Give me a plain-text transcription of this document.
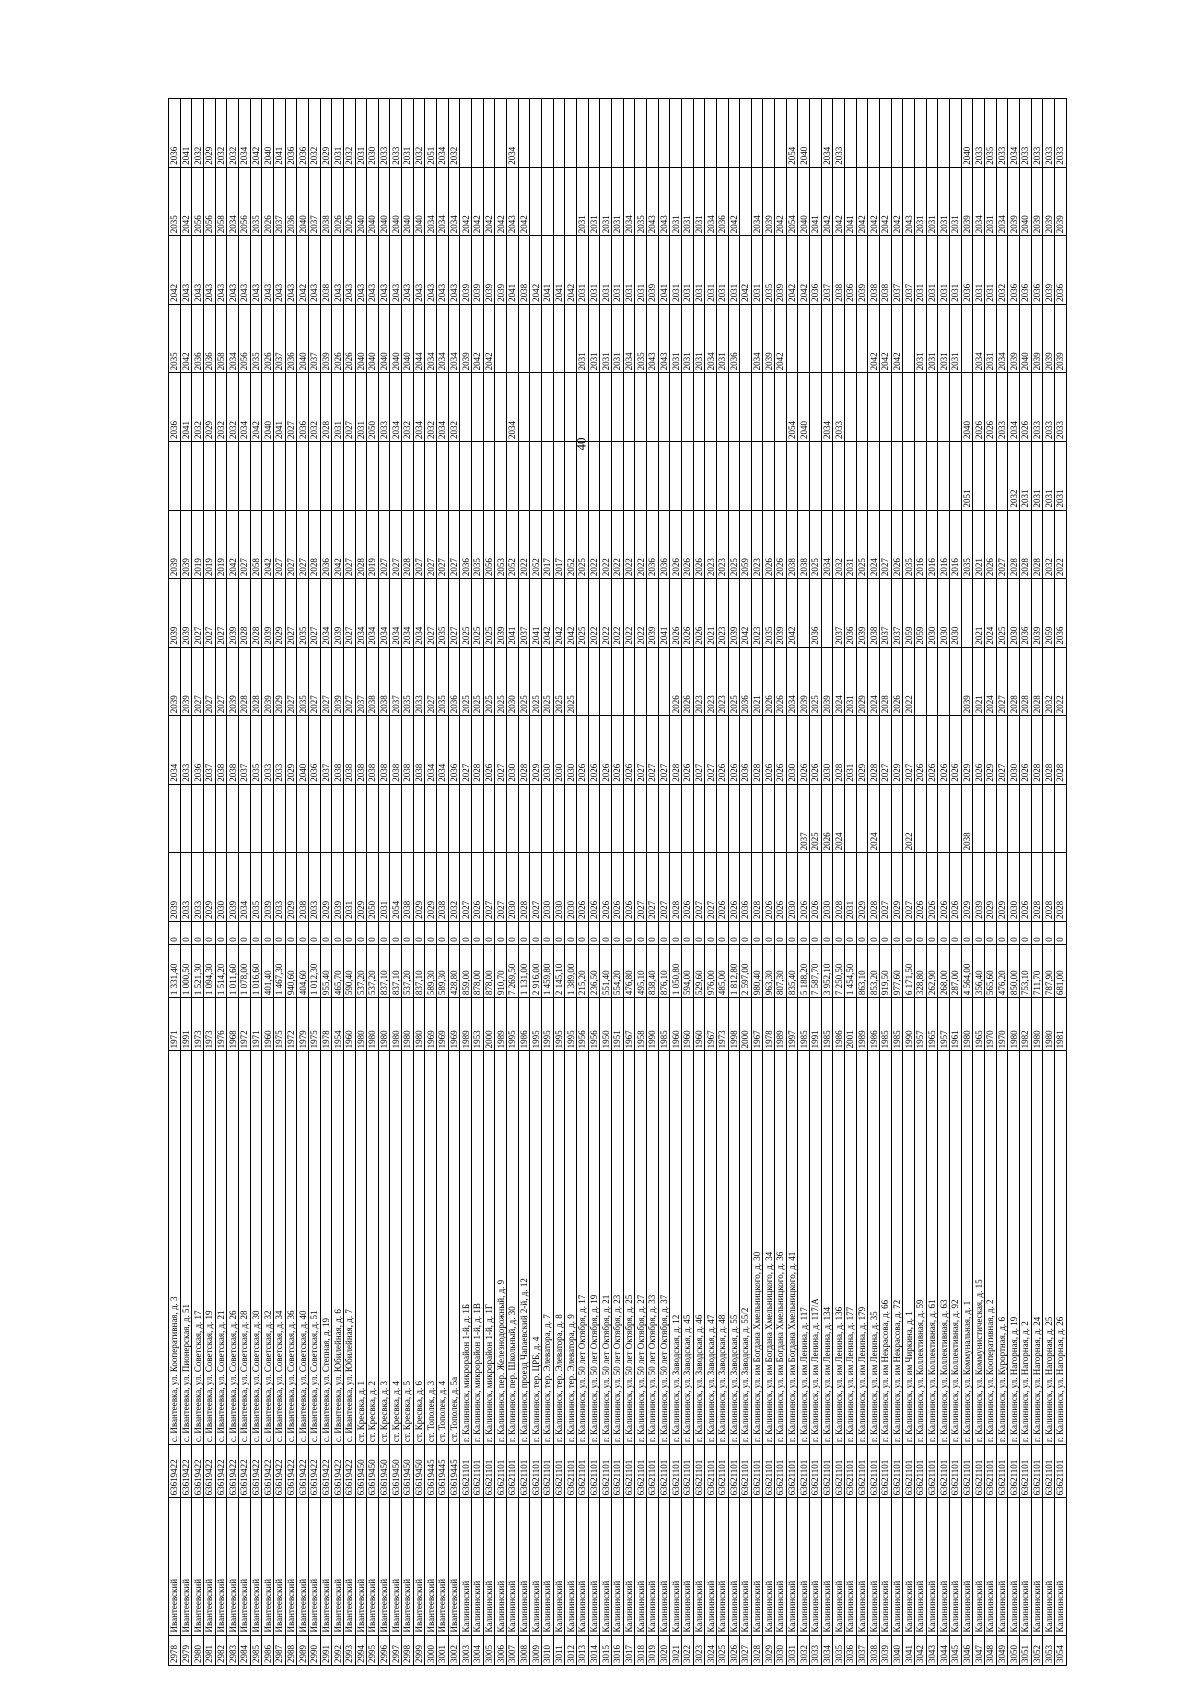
40
2978	Ивантеевский	63619422	с. Ивантеевка, ул. Кооперативная, д. 3	1971	1 331,40	0	2039		2034	2039	2039	2039		2036	2035	2042	2035	2036
2979	Ивантеевский	63619422	с. Ивантеевка, ул. Пионерская, д. 51	1991	1 000,50	0	2033		2033	2039	2039	2039		2041	2042	2043	2042	2041
2980	Ивантеевский	63619422	с. Ивантеевка, ул. Советская, д. 17	1973	1 521,30	0	2033		2036	2027	2027	2019		2032	2036	2043	2056	2032
2981	Ивантеевский	63619422	с. Ивантеевка, ул. Советская, д. 19	1973	1 094,30	0	2029		2037	2027	2027	2019		2029	2036	2043	2056	2029
2982	Ивантеевский	63619422	с. Ивантеевка, ул. Советская, д. 21	1976	1 514,20	0	2030		2038	2027	2027	2019		2032	2058	2043	2058	2032
2983	Ивантеевский	63619422	с. Ивантеевка, ул. Советская, д. 26	1968	1 011,60	0	2039		2038	2039	2039	2042		2032	2034	2043	2034	2032
2984	Ивантеевский	63619422	с. Ивантеевка, ул. Советская, д. 28	1972	1 078,00	0	2034		2037	2028	2028	2027		2034	2056	2043	2056	2034
2985	Ивантеевский	63619422	с. Ивантеевка, ул. Советская, д. 30	1971	1 016,60	0	2035		2035	2028	2028	2058		2042	2035	2043	2035	2042
2986	Ивантеевский	63619422	с. Ивантеевка, ул. Советская, д. 32	1960	401,40	0	2039		2033	2039	2039	2042		2040	2026	2043	2026	2040
2987	Ивантеевский	63619422	с. Ивантеевка, ул. Советская, д. 34	1975	1 467,30	0	2033		2033	2029	2029	2027		2041	2037	2043	2037	2041
2988	Ивантеевский	63619422	с. Ивантеевка, ул. Советская, д. 36	1972	940,60	0	2029		2029	2027	2027	2027		2027	2036	2043	2036	2036
2989	Ивантеевский	63619422	с. Ивантеевка, ул. Советская, д. 40	1979	404,60	0	2038		2040	2035	2035	2027		2036	2040	2042	2040	2036
2990	Ивантеевский	63619422	с. Ивантеевка, ул. Советская, д. 51	1975	1 012,30	0	2033		2036	2027	2027	2028		2032	2037	2043	2037	2032
2991	Ивантеевский	63619422	с. Ивантеевка, ул. Степная, д. 19	1978	955,40	0	2029		2037	2027	2034	2036		2028	2039	2038	2038	2029
2992	Ивантеевский	63619422	с. Ивантеевка, ул. Юбилейная, д. 6	1954	465,70	0	2039		2038	2039	2039	2042		2031	2026	2043	2026	2031
2993	Ивантеевский	63619422	с. Ивантеевка, ул. Юбилейная, д. 7	1960	590,40	0	2031		2038	2027	2027	2027		2027	2026	2043	2026	2032
2994	Ивантеевский	63619450	ст. Кресвка, д. 1	1980	537,20	0	2029		2038	2037	2034	2028		2031	2040	2043	2040	2031
2995	Ивантеевский	63619450	ст. Кресвка, д. 2	1980	537,20	0	2050		2038	2038	2034	2019		2050	2040	2043	2040	2030
2996	Ивантеевский	63619450	ст. Кресвка, д. 3	1980	837,10	0	2031		2038	2038	2034	2027		2033	2040	2043	2040	2033
2997	Ивантеевский	63619450	ст. Кресвка, д. 4	1980	837,10	0	2054		2038	2037	2034	2027		2034	2040	2043	2040	2033
2998	Ивантеевский	63619450	ст. Кресвка, д. 5	1980	537,20	0	2038		2038	2035	2034	2028		2032	2040	2043	2040	2031
2999	Ивантеевский	63619450	ст. Кресвка, д. 6	1980	837,10	0	2029		2038	2033	2034	2027		2034	2044	2043	2040	2032
3000	Ивантеевский	63619445	ст. Тополек, д. 3	1969	589,30	0	2029		2034	2027	2027	2027		2032	2034	2043	2034	2051
3001	Ивантеевский	63619445	ст. Тополек, д. 4	1969	589,30	0	2038		2034	2035	2035	2027		2034	2034	2043	2034	2034
3002	Ивантеевский	63619445	ст. Тополек, д. 5а	1969	428,80	0	2032		2036	2036	2027	2027		2032	2034	2043	2034	2032
3003	Калининский	63621101	г. Калининск, микрорайон 1-й, д. 1Б	1989	859,00	0	2027		2027	2025	2025	2036			2039	2039	2042	
3004	Калининский	63621101	г. Калининск, микрорайон 1-й, д. 1В	1953	878,00	0	2026		2028	2025	2025	2035			2042	2039	2042	
3005	Калининский	63621101	г. Калининск, микрорайон 1-й, д. 1Г	2000	878,00	0	2027		2026	2025	2025	2056			2042	2039	2042	
3006	Калининский	63621101	г. Калининск, пер. Железнодорожный, д. 9	1989	910,70	0	2027		2027	2025	2039	2053				2039	2042	
3007	Калининский	63621101	г. Калининск, пер. Школьный, д. 30	1995	7 269,50	0	2030		2030	2030	2041	2052		2034		2041	2043	2034
3008	Калининский	63621101	г. Калининск, проезд Чапаевский 2-й, д. 12	1986	1 131,00	0	2028		2028	2025	2037	2022				2038	2042	
3009	Калининский	63621101	г. Калининск, тер. ЦРБ, д. 4	1995	2 916,00	0	2027		2029	2025	2041	2052				2042		
3010	Калининский	63621101	г. Калининск, тер. Элеватора, д. 7	1995	1 459,80	0	2030		2030	2025	2042	2017				2041		
3011	Калининский	63621101	г. Калининск, тер. Элеватора, д. 8	1995	2 145,10	0	2030		2030	2025	2042	2017				2041		
3012	Калининский	63621101	г. Калининск, тер. Элеватора, д. 9	1995	1 389,00	0	2030		2030	2025	2042	2052				2042		
3013	Калининский	63621101	г. Калининск, ул. 50 лет Октября, д. 17	1956	215,20	0	2026		2026		2025	2025			2031	2031	2031	
3014	Калининский	63621101	г. Калининск, ул. 50 лет Октября, д. 19	1956	236,50	0	2026		2026		2022	2022			2031	2031	2031	
3015	Калининский	63621101	г. Калининск, ул. 50 лет Октября, д. 21	1950	551,40	0	2026		2026		2022	2022			2031	2031	2031	
3016	Калининский	63621101	г. Калининск, ул. 50 лет Октября, д. 23	1951	554,20	0	2026		2026		2022	2022			2031	2031	2031	
3017	Калининский	63621101	г. Калининск, ул. 50 лет Октября, д. 25	1967	476,80	0	2026		2026		2022	2022			2034	2031	2034	
3018	Калининский	63621101	г. Калининск, ул. 50 лет Октября, д. 27	1958	495,10	0	2027		2027		2022	2022			2035	2031	2035	
3019	Калининский	63621101	г. Калининск, ул. 50 лет Октября, д. 33	1990	838,40	0	2027		2027		2039	2036			2043	2039	2043	
3020	Калининский	63621101	г. Калининск, ул. 50 лет Октября, д. 37	1985	876,10	0	2027		2027		2041	2036			2043	2041	2043	
3021	Калининский	63621101	г. Калининск, ул. Заводская, д. 12	1960	1 050,80	0	2028		2028	2026	2026	2026			2031	2031	2031	
3022	Калининский	63621101	г. Калининск, ул. Заводская, д. 45	1960	594,00	0	2026		2026	2026	2026	2026			2031	2031	2031	
3023	Калининский	63621101	г. Калининск, ул. Заводская, д. 46	1960	529,60	0	2027		2027	2023	2026	2026			2031	2031	2031	
3024	Калининский	63621101	г. Калининск, ул. Заводская, д. 47	1967	976,00	0	2027		2027	2023	2021	2023			2034	2031	2034	
3025	Калининский	63621101	г. Калининск, ул. Заводская, д. 48	1973	485,00	0	2026		2026	2023	2023	2023			2031	2031	2036	
3026	Калининский	63621101	г. Калининск, ул. Заводская, д. 55	1998	1 812,80	0	2026		2026	2025	2039	2025			2036	2031	2042	
3027	Калининский	63621101	г. Калининск, ул. Заводская, д. 55/2	2000	2 597,00	0	2036		2036	2036	2042	2059				2042		
3028	Калининский	63621101	г. Калининск, ул. им Богдана Хмельницкого, д. 30	1967	980,40	0	2028		2028	2021	2023	2023			2034	2031	2034	
3029	Калининский	63621101	г. Калининск, ул. им Богдана Хмельницкого, д. 34	1978	963,30	0	2026		2026	2026	2035	2026			2039	2035	2039	
3030	Калининский	63621101	г. Калининск, ул. им Богдана Хмельницкого, д. 36	1989	807,30	0	2026		2026	2026	2039	2026			2042	2039	2042	
3031	Калининский	63621101	г. Калининск, ул. им Богдана Хмельницкого, д. 41	1997	835,40	0	2030		2030	2034	2042	2038		2054		2042	2054	2054
3032	Калининский	63621101	г. Калининск, ул. им Ленина, д. 117	1985	5 188,20	0	2026	2037	2026	2039		2038		2040		2042	2040	2040
3033	Калининский	63621101	г. Калининск, ул. им Ленина, д. 117/А	1991	7 587,70	0	2026	2025	2026	2025	2036	2025				2036	2041	
3034	Калининский	63621101	г. Калининск, ул. им Ленина, д. 134	1985	3 952,10	0	2030	2026	2030	2039		2034		2034		2037	2042	2034
3035	Калининский	63621101	г. Калининск, ул. им Ленина, д. 136	1986	7 250,50	0	2028	2024	2028	2024	2037	2032		2033		2038	2042	2033
3036	Калининский	63621101	г. Калининск, ул. им Ленина, д. 177	2001	1 454,50	0	2031		2031	2031	2036	2031				2036	2041	
3037	Калининский	63621101	г. Калининск, ул. им Ленина, д. 179	1989	863,10	0	2029		2029	2029	2039	2025				2039	2042	
3038	Калининский	63621101	г. Калининск, ул. им Ленина, д. 35	1986	853,20	0	2028	2024	2028	2024	2038	2024			2042	2038	2042	
3039	Калининский	63621101	г. Калининск, ул. им Некрасова, д. 66	1985	919,50	0	2027		2027	2028	2037	2027			2042	2038	2042	
3040	Калининский	63621101	г. Калининск, ул. им Некрасова, д. 72	1985	977,60	0	2029		2029	2026	2037	2026			2042	2037	2042	
3041	Калининский	63621101	г. Калининск, ул. им Чиркина, д. 1	1990	6 171,50	0	2027	2022	2027	2022	2059	2035				2037	2043	
3042	Калининский	63621101	г. Калининск, ул. Коллективная, д. 59	1957	328,80	0	2026		2026		2059	2016			2031	2031	2031	
3043	Калининский	63621101	г. Калининск, ул. Коллективная, д. 61	1965	262,90	0	2026		2026		2030	2016			2031	2031	2031	
3044	Калининский	63621101	г. Калининск, ул. Коллективная, д. 63	1957	268,00	0	2026		2026		2030	2016			2031	2031	2031	
3045	Калининский	63621101	г. Калининск, ул. Коллективная, д. 92	1961	287,00	0	2026		2026		2030	2016			2031	2031	2031	
3046	Калининский	63621101	г. Калининск, ул. Коммунальная, д. 1	1980	4 564,00	0	2029	2038	2029	2039		2035	2051	2040		2036	2039	2040
3047	Калининский	63621101	г. Калининск, ул. Коммунистическая, д. 15	1965	356,40	0	2039		2026	2021	2021	2021		2026	2034	2031	2034	2033
3048	Калининский	63621101	г. Калининск, ул. Кооперативная, д. 2	1970	565,60	0	2029		2029	2024	2024	2026		2026	2031	2031	2031	2035
3049	Калининский	63621101	г. Калининск, ул. Курортная, д. 6	1970	476,20	0	2029		2027	2027	2025	2027		2033	2034	2032	2034	2033
3050	Калининский	63621101	г. Калининск, ул. Нагорная, д. 19	1980	850,00	0	2030		2030	2028	2030	2028	2032	2034	2039	2036	2039	2034
3051	Калининский	63621101	г. Калининск, ул. Нагорная, д. 2	1982	753,10	0	2026		2026	2028	2036	2028	2031	2026	2040	2036	2040	2033
3052	Калининский	63621101	г. Калининск, ул. Нагорная, д. 24	1980	711,70	0	2028		2028	2028	2039	2028	2031	2033	2039	2036	2039	2033
3053	Калининский	63621101	г. Калининск, ул. Нагорная, д. 25	1980	787,90	0	2028		2028	2032	2059	2032	2031	2033	2039	2039	2039	2033
3054	Калининский	63621101	г. Калининск, ул. Нагорная, д. 26	1981	681,00	0	2028		2028	2022	2036	2022	2031	2033	2039	2036	2039	2033
